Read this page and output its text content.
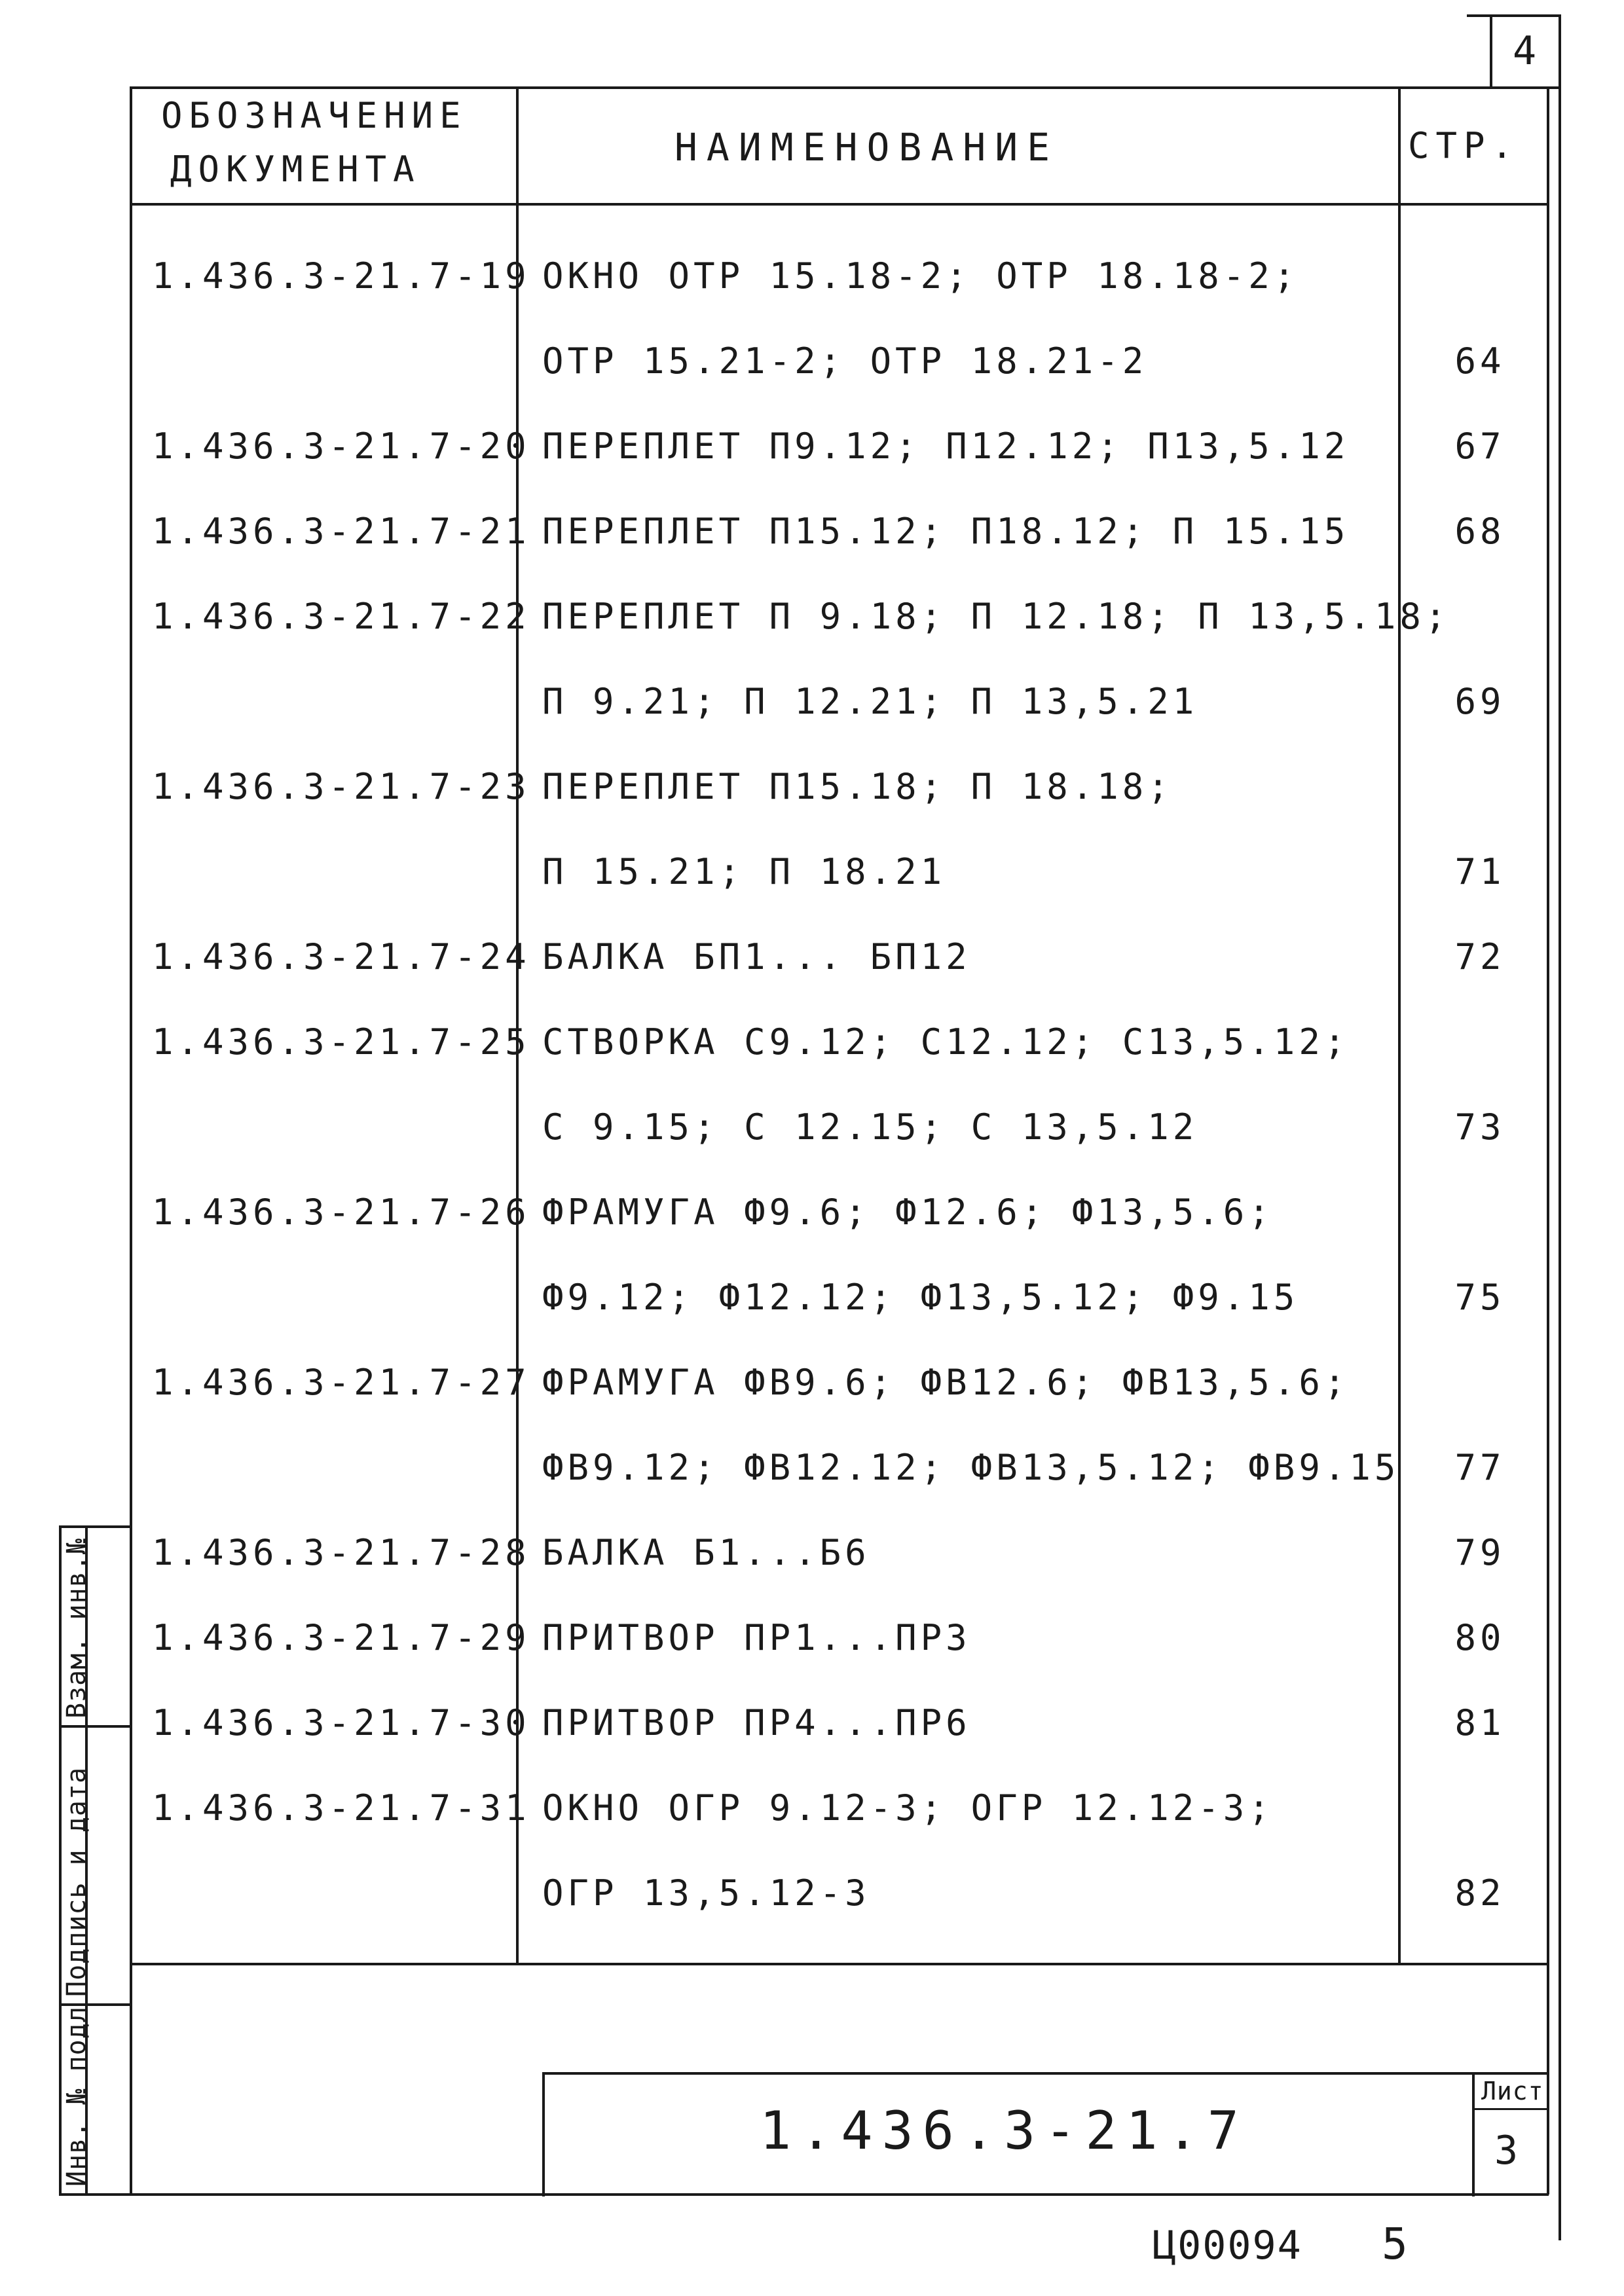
4
ОБОЗНАЧЕНИЕ
ДОКУМЕНТА	НАИМЕНОВАНИЕ	СТР.
1.436.3-21.7-19 ОКНО ОТР 15.18-2; ОТР 18.18-2;
ОТР 15.21-2; ОТР 18.21-2	64
1.436.3-21.7-20 ПЕРЕПЛЕТ П9.12; П12.12; П13,5.12	67
1.436.3-21.7-21 ПЕРЕПЛЕТ П15.12; П18.12; П 15.15	68
1.436.3-21.7-22 ПЕРЕПЛЕТ П 9.18; П 12.18; П 13,5.18;
П 9.21; П 12.21; П 13,5.21	69
1.436.3-21.7-23 ПЕРЕПЛЕТ П15.18; П 18.18;
П 15.21; П 18.21	71
1.436.3-21.7-24 БАЛКА БП1... БП12	72
1.436.3-21.7-25 СТВОРКА С9.12; С12.12; С13,5.12;
С 9.15; С 12.15; С 13,5.12	73
1.436.3-21.7-26 ФРАМУГА Ф9.6; Ф12.6; Ф13,5.6;
Ф9.12; Ф12.12; Ф13,5.12; Ф9.15	75
1.436.3-21.7-27 ФРАМУГА ФВ9.6; ФВ12.6; ФВ13,5.6;
ФВ9.12; ФВ12.12; ФВ13,5.12; ФВ9.15	77
1.436.3-21.7-28 БАЛКА Б1...Б6	79
1.436.3-21.7-29 ПРИТВОР ПР1...ПР3	80
1.436.3-21.7-30 ПРИТВОР ПР4...ПР6	81
1.436.3-21.7-31 ОКНО ОГР 9.12-3; ОГР 12.12-3;
ОГР 13,5.12-3	82
Взам. инв.№
Подпись и дата
Инв. № подл	1.436.3-21.7
Лист
3
Ц00094 5
